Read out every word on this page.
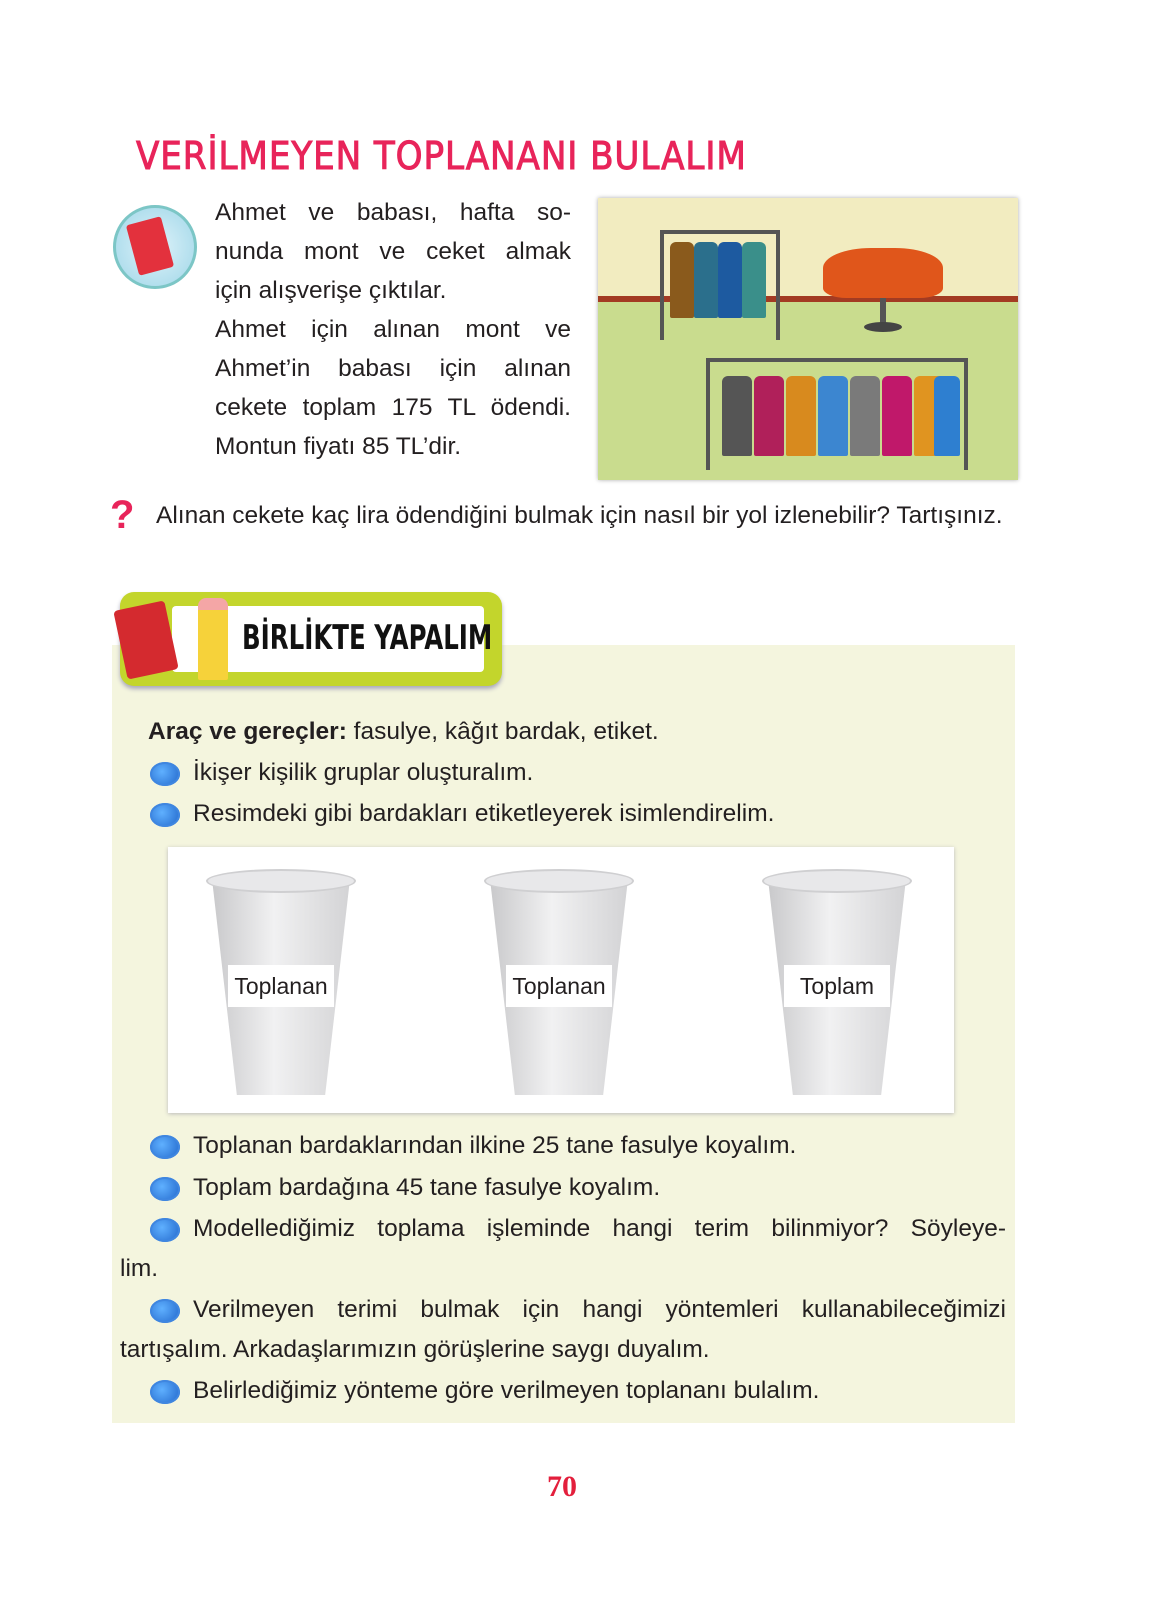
VERİLMEYEN TOPLANANI BULALIM

Ahmet ve babası, hafta so-

nunda mont ve ceket almak

için alışverişe çıktılar.

Ahmet için alınan mont ve

Ahmet’in babası için alınan

cekete toplam 175 TL ödendi.

Montun fiyatı 85 TL’dir.

? Alınan cekete kaç lira ödendiğini bulmak için nasıl bir yol izlenebilir? Tartışınız.
BİRLİKTE YAPALIM
Araç ve gereçler: fasulye, kâğıt bardak, etiket.
İkişer kişilik gruplar oluşturalım.
Resimdeki gibi bardakları etiketleyerek isimlendirelim.
Toplanan	Toplanan	Toplam
Toplanan bardaklarından ilkine 25 tane fasulye koyalım.
Toplam bardağına 45 tane fasulye koyalım.
Modellediğimiz toplama işleminde hangi terim bilinmiyor? Söyleye-
lim.
Verilmeyen terimi bulmak için hangi yöntemleri kullanabileceğimizi
tartışalım. Arkadaşlarımızın görüşlerine saygı duyalım.
Belirlediğimiz yönteme göre verilmeyen toplananı bulalım.
70
